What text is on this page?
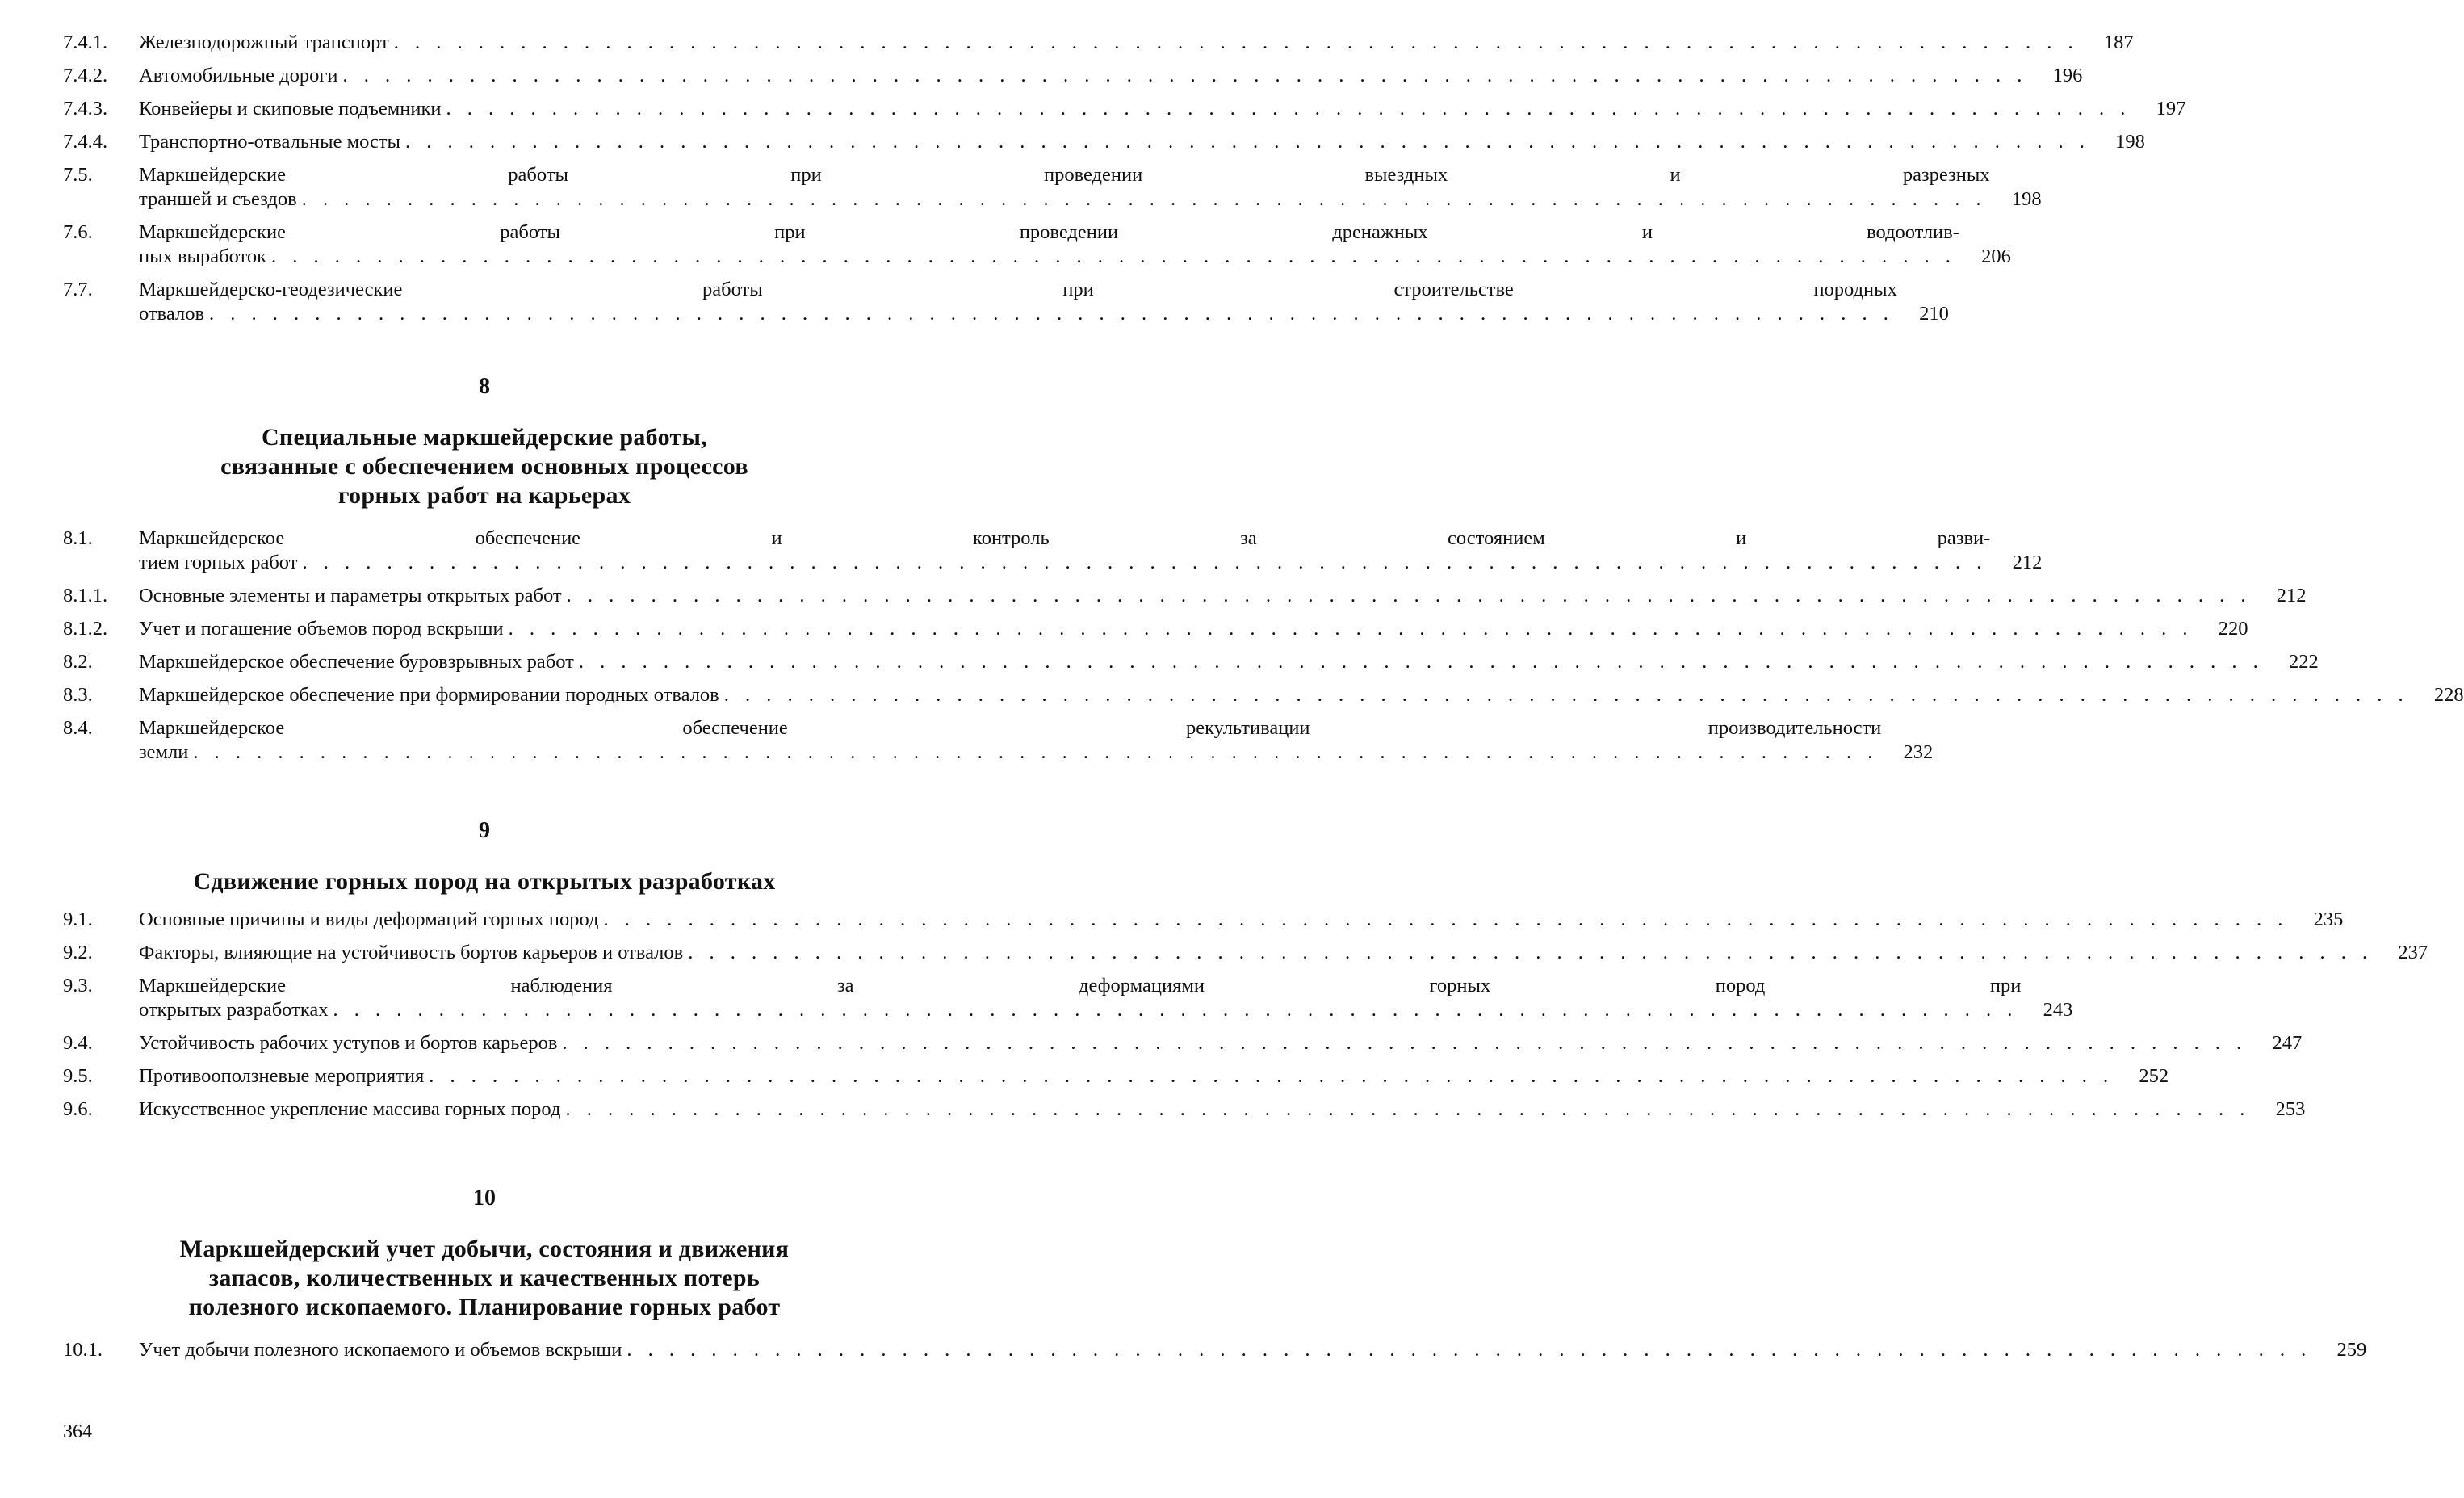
7.4.1.	Железнодорожный транспорт . . . . . . . . . . . . . . . . . . . . . . . . . . . . . . . . . . . . . . . . . . . . . . . . . . . . . . . . . . . . . . . . . . . . . . . . . . . . . . . .	187
7.4.2.	Автомобильные дороги . . . . . . . . . . . . . . . . . . . . . . . . . . . . . . . . . . . . . . . . . . . . . . . . . . . . . . . . . . . . . . . . . . . . . . . . . . . . . . . .	196
7.4.3.	Конвейеры и скиповые подъемники . . . . . . . . . . . . . . . . . . . . . . . . . . . . . . . . . . . . . . . . . . . . . . . . . . . . . . . . . . . . . . . . . . . . . . . . . . . . . . . .	197
7.4.4.	Транспортно-отвальные мосты . . . . . . . . . . . . . . . . . . . . . . . . . . . . . . . . . . . . . . . . . . . . . . . . . . . . . . . . . . . . . . . . . . . . . . . . . . . . . . . .	198
7.5.	Маркшейдерские работы при проведении выездных и разрезных
траншей и съездов . . . . . . . . . . . . . . . . . . . . . . . . . . . . . . . . . . . . . . . . . . . . . . . . . . . . . . . . . . . . . . . . . . . . . . . . . . . . . . . .	198
7.6.	Маркшейдерские работы при проведении дренажных и водоотлив-
ных выработок . . . . . . . . . . . . . . . . . . . . . . . . . . . . . . . . . . . . . . . . . . . . . . . . . . . . . . . . . . . . . . . . . . . . . . . . . . . . . . . .	206
7.7.	Маркшейдерско-геодезические работы при строительстве породных
отвалов . . . . . . . . . . . . . . . . . . . . . . . . . . . . . . . . . . . . . . . . . . . . . . . . . . . . . . . . . . . . . . . . . . . . . . . . . . . . . . . .	210
8
Специальные маркшейдерские работы,
связанные с обеспечением основных процессов
горных работ на карьерах
8.1.	Маркшейдерское обеспечение и контроль за состоянием и разви-
тием горных работ . . . . . . . . . . . . . . . . . . . . . . . . . . . . . . . . . . . . . . . . . . . . . . . . . . . . . . . . . . . . . . . . . . . . . . . . . . . . . . . .	212
8.1.1.	Основные элементы и параметры открытых работ . . . . . . . . . . . . . . . . . . . . . . . . . . . . . . . . . . . . . . . . . . . . . . . . . . . . . . . . . . . . . . . . . . . . . . . . . . . . . . . .	212
8.1.2.	Учет и погашение объемов пород вскрыши . . . . . . . . . . . . . . . . . . . . . . . . . . . . . . . . . . . . . . . . . . . . . . . . . . . . . . . . . . . . . . . . . . . . . . . . . . . . . . . .	220
8.2.	Маркшейдерское обеспечение буровзрывных работ . . . . . . . . . . . . . . . . . . . . . . . . . . . . . . . . . . . . . . . . . . . . . . . . . . . . . . . . . . . . . . . . . . . . . . . . . . . . . . . .	222
8.3.	Маркшейдерское обеспечение при формировании породных отвалов . . . . . . . . . . . . . . . . . . . . . . . . . . . . . . . . . . . . . . . . . . . . . . . . . . . . . . . . . . . . . . . . . . . . . . . . . . . . . . . .	228
8.4.	Маркшейдерское обеспечение рекультивации производительности
земли . . . . . . . . . . . . . . . . . . . . . . . . . . . . . . . . . . . . . . . . . . . . . . . . . . . . . . . . . . . . . . . . . . . . . . . . . . . . . . . .	232
9
Сдвижение горных пород на открытых разработках
9.1.	Основные причины и виды деформаций горных пород . . . . . . . . . . . . . . . . . . . . . . . . . . . . . . . . . . . . . . . . . . . . . . . . . . . . . . . . . . . . . . . . . . . . . . . . . . . . . . . .	235
9.2.	Факторы, влияющие на устойчивость бортов карьеров и отвалов . . . . . . . . . . . . . . . . . . . . . . . . . . . . . . . . . . . . . . . . . . . . . . . . . . . . . . . . . . . . . . . . . . . . . . . . . . . . . . . .	237
9.3.	Маркшейдерские наблюдения за деформациями горных пород при
открытых разработках . . . . . . . . . . . . . . . . . . . . . . . . . . . . . . . . . . . . . . . . . . . . . . . . . . . . . . . . . . . . . . . . . . . . . . . . . . . . . . . .	243
9.4.	Устойчивость рабочих уступов и бортов карьеров . . . . . . . . . . . . . . . . . . . . . . . . . . . . . . . . . . . . . . . . . . . . . . . . . . . . . . . . . . . . . . . . . . . . . . . . . . . . . . . .	247
9.5.	Противооползневые мероприятия . . . . . . . . . . . . . . . . . . . . . . . . . . . . . . . . . . . . . . . . . . . . . . . . . . . . . . . . . . . . . . . . . . . . . . . . . . . . . . . .	252
9.6.	Искусственное укрепление массива горных пород . . . . . . . . . . . . . . . . . . . . . . . . . . . . . . . . . . . . . . . . . . . . . . . . . . . . . . . . . . . . . . . . . . . . . . . . . . . . . . . .	253
10
Маркшейдерский учет добычи, состояния и движения
запасов, количественных и качественных потерь
полезного ископаемого. Планирование горных работ
10.1.	Учет добычи полезного ископаемого и объемов вскрыши . . . . . . . . . . . . . . . . . . . . . . . . . . . . . . . . . . . . . . . . . . . . . . . . . . . . . . . . . . . . . . . . . . . . . . . . . . . . . . . .	259
364
